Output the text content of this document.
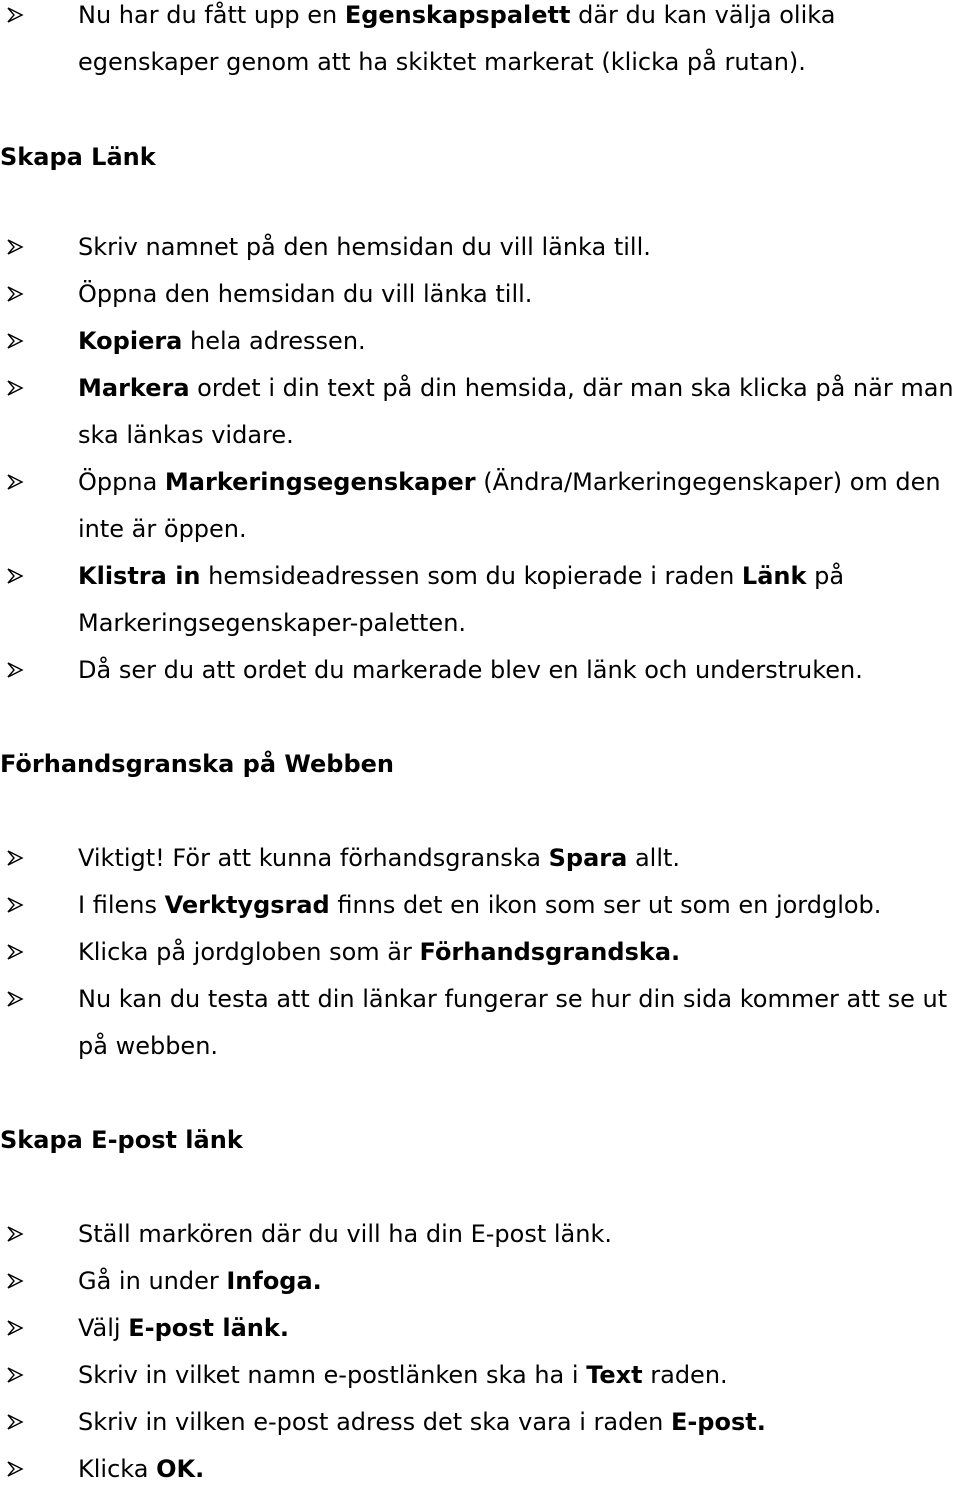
Nu har du fått upp en Egenskapspalett där du kan välja olika egenskaper genom att ha skiktet markerat (klicka på rutan).
Skapa Länk
Skriv namnet på den hemsidan du vill länka till.
Öppna den hemsidan du vill länka till.
Kopiera hela adressen.
Markera ordet i din text på din hemsida, där man ska klicka på när man ska länkas vidare.
Öppna Markeringsegenskaper (Ändra/Markeringegenskaper) om den inte är öppen.
Klistra in hemsideadressen som du kopierade i raden Länk på Markeringsegenskaper-paletten.
Då ser du att ordet du markerade blev en länk och understruken.
Förhandsgranska på Webben
Viktigt! För att kunna förhandsgranska Spara allt.
I filens Verktygsrad finns det en ikon som ser ut som en jordglob.
Klicka på jordgloben som är Förhandsgrandska.
Nu kan du testa att din länkar fungerar se hur din sida kommer att se ut på webben.
Skapa E-post länk
Ställ markören där du vill ha din E-post länk.
Gå in under Infoga.
Välj E-post länk.
Skriv in vilket namn e-postlänken ska ha i Text raden.
Skriv in vilken e-post adress det ska vara i raden E-post.
Klicka OK.
